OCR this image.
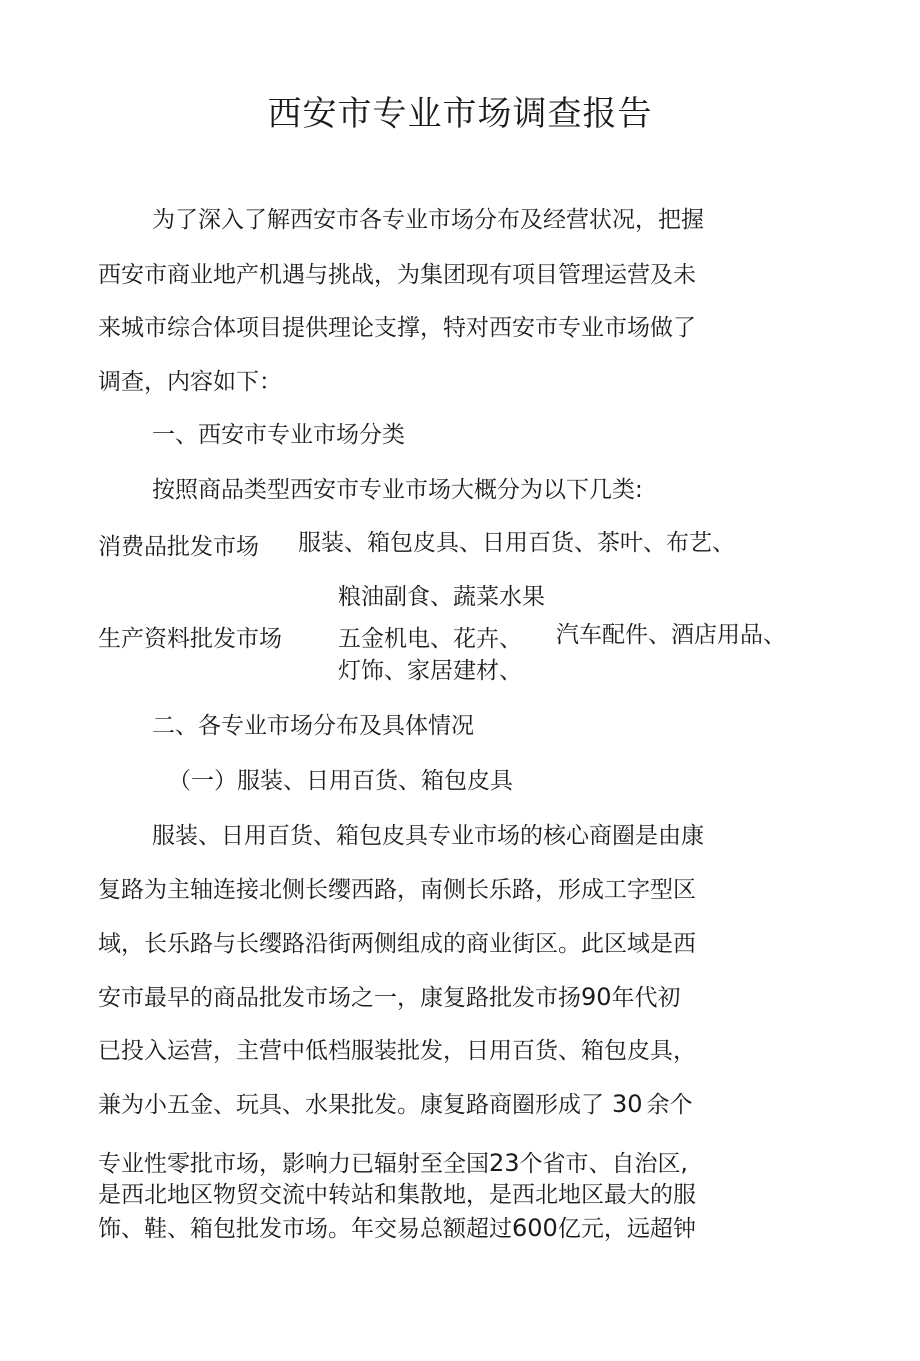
西安市专业市场调查报告
为了深入了解西安市各专业市场分布及经营状况，把握
西安市商业地产机遇与挑战，为集团现有项目管理运营及未
来城市综合体项目提供理论支撑，特对西安市专业市场做了
调查，内容如下：
一、西安市专业市场分类
按照商品类型西安市专业市场大概分为以下几类:
消费品批发市场 服装、箱包皮具、日用百货、茶叶、布艺、
粮油副食、蔬菜水果
生产资料批发市场 五金机电、花卉、 汽车配件、酒店用品、
灯饰、家居建材、
二、各专业市场分布及具体情况
（一）服装、日用百货、箱包皮具
服装、日用百货、箱包皮具专业市场的核心商圈是由康
复路为主轴连接北侧长缨西路，南侧长乐路，形成工字型区
域，长乐路与长缨路沿街两侧组成的商业街区。此区域是西
安市最早的商品批发市场之一，康复路批发市扬90年代初
已投入运营，主营中低档服装批发，日用百货、箱包皮具，
兼为小五金、玩具、水果批发。康复路商圈形成了 30 余个
专业性零批市场，影响力已辐射至全国23个省市、自治区,
是西北地区物贸交流中转站和集散地，是西北地区最大的服
饰、鞋、箱包批发市场。年交易总额超过600亿元，远超钟
